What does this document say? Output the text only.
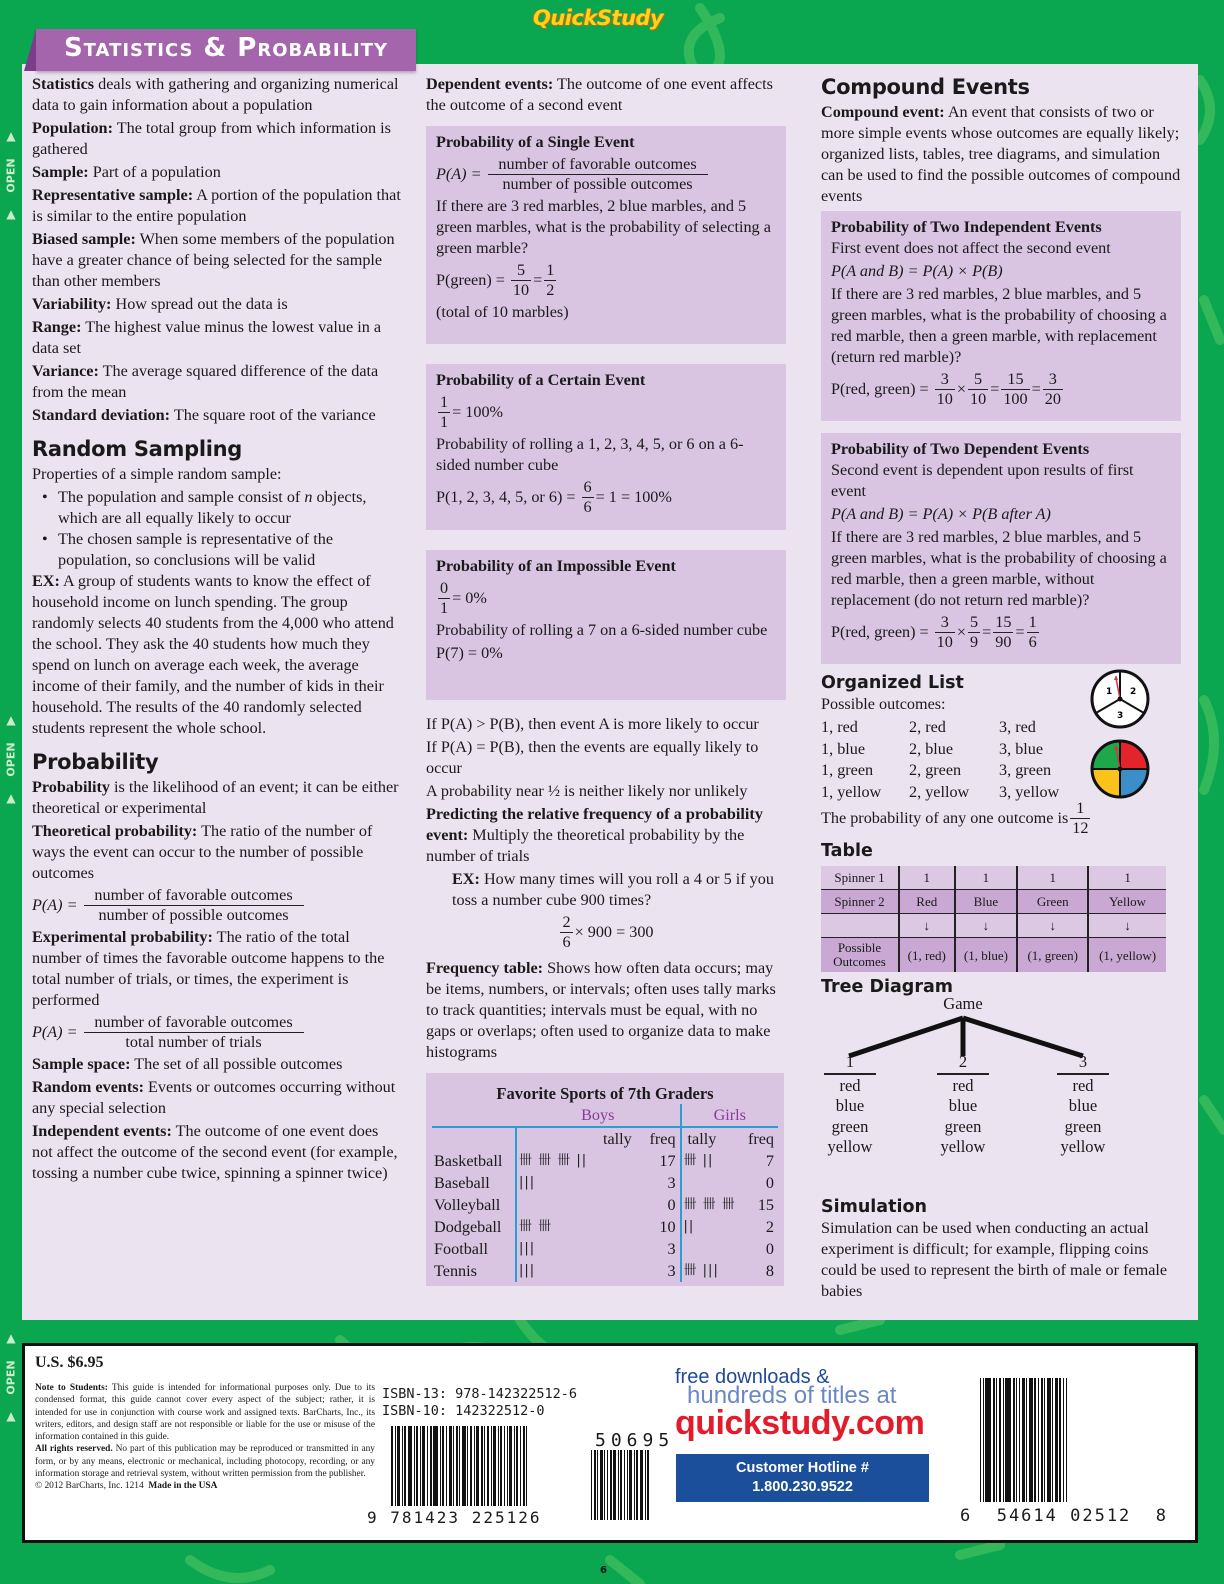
▲
OPEN
▲
▲
OPEN
▲
▲
OPEN
▲
QuickStudy
Statistics & Probability

Statistics deals with gathering and organizing numerical data to gain information about a population

Population: The total group from which information is gathered

Sample: Part of a population

Representative sample: A portion of the population that is similar to the entire population

Biased sample: When some members of the population have a greater chance of being selected for the sample than other members

Variability: How spread out the data is

Range: The highest value minus the lowest value in a data set

Variance: The average squared difference of the data from the mean

Standard deviation: The square root of the variance

Random Sampling

Properties of a simple random sample:

• The population and sample consist of n objects, which are all equally likely to occur
• The chosen sample is representative of the population, so conclusions will be valid

EX: A group of students wants to know the effect of household income on lunch spending. The group randomly selects 40 students from the 4,000 who attend the school. They ask the 40 students how much they spend on lunch on average each week, the average income of their family, and the number of kids in their household. The results of the 40 randomly selected students represent the whole school.

Probability

Probability is the likelihood of an event; it can be either theoretical or experimental

Theoretical probability: The ratio of the number of ways the event can occur to the number of possible outcomes

$P(A) = \frac{\text{number of favorable outcomes}}{\text{number of possible outcomes}}$

Experimental probability: The ratio of the total number of times the favorable outcome happens to the total number of trials, or times, the experiment is performed

$P(A) = \frac{\text{number of favorable outcomes}}{\text{total number of trials}}$

Sample space: The set of all possible outcomes

Random events: Events or outcomes occurring without any special selection

Independent events: The outcome of one event does not affect the outcome of the second event (for example, tossing a number cube twice, spinning a spinner twice)

Dependent events: The outcome of one event affects the outcome of a second event

Probability of a Single Event
$P(A) = \frac{\text{number of favorable outcomes}}{\text{number of possible outcomes}}$

If there are 3 red marbles, 2 blue marbles, and 5 green marbles, what is the probability of selecting a green marble?

P(green) = $\frac{5}{10} = \frac{1}{2}$

(total of 10 marbles)

Probability of a Certain Event
$\frac{1}{1} = 100\%$

Probability of rolling a 1, 2, 3, 4, 5, or 6 on a 6-sided number cube

P(1, 2, 3, 4, 5, or $6) = \frac{6}{6} = 1 = 100\%$
Probability of an Impossible Event
$\frac{0}{1} = 0\%$

Probability of rolling a 7 on a 6-sided number cube

P(7) = 0%

If P(A) > P(B), then event A is more likely to occur

If P(A) = P(B), then the events are equally likely to occur

A probability near ½ is neither likely nor unlikely

Predicting the relative frequency of a probability event: Multiply the theoretical probability by the number of trials

EX: How many times will you roll a 4 or 5 if you toss a number cube 900 times?

$\frac{2}{6} \times 900 = 300$

Frequency table: Shows how often data occurs; may be items, numbers, or intervals; often uses tally marks to track quantities; intervals must be equal, with no gaps or overlaps; often used to organize data to make histograms

Favorite Sports of 7th Graders
	Boys		Girls	
	tally	freq	tally	freq
Basketball	卌 卌 卌 ||	17	卌 ||	7
Baseball	|||	3		0
Volleyball		0	卌 卌 卌	15
Dodgeball	卌 卌	10	||	2
Football	|||	3		0
Tennis	|||	3	卌 |||	8
Compound Events

Compound event: An event that consists of two or more simple events whose outcomes are equally likely; organized lists, tables, tree diagrams, and simulation can be used to find the possible outcomes of compound events

Probability of Two Independent Events

First event does not affect the second event

P(A and B) = P(A) × P(B)

If there are 3 red marbles, 2 blue marbles, and 5 green marbles, what is the probability of choosing a red marble, then a green marble, with replacement (return red marble)?

P(red, green) = $\frac{3}{10} \times \frac{5}{10} = \frac{15}{100} = \frac{3}{20}$
Probability of Two Dependent Events

Second event is dependent upon results of first event

P(A and B) = P(A) × P(B after A)

If there are 3 red marbles, 2 blue marbles, and 5 green marbles, what is the probability of choosing a red marble, then a green marble, without replacement (do not return red marble)?

P(red, green) = $\frac{3}{10} \times \frac{5}{9} = \frac{15}{90} = \frac{1}{6}$
Organized List

Possible outcomes:

1, red	2, red	3, red
1, blue	2, blue	3, blue
1, green	2, green	3, green
1, yellow	2, yellow	3, yellow
The probability of any one outcome is $\frac{1}{12}$
1 2
3
Table
Spinner 1	1	1	1	1
Spinner 2	Red	Blue	Green	Yellow
	↓	↓	↓	↓
Possible Outcomes	(1, red)	(1, blue)	(1, green)	(1, yellow)
Tree Diagram
Game
1
red
blue
green
yellow
2
red
blue
green
yellow
3
red
blue
green
yellow
Simulation

Simulation can be used when conducting an actual experiment is difficult; for example, flipping coins could be used to represent the birth of male or female babies

U.S. $6.95
Note to Students: This guide is intended for informational purposes only. Due to its condensed format, this guide cannot cover every aspect of the subject; rather, it is intended for use in conjunction with course work and assigned texts. BarCharts, Inc., its writers, editors, and design staff are not responsible or liable for the use or misuse of the information contained in this guide.
All rights reserved. No part of this publication may be reproduced or transmitted in any form, or by any means, electronic or mechanical, including photocopy, recording, or any information storage and retrieval system, without written permission from the publisher.
© 2012 BarCharts, Inc. 1214 Made in the USA
ISBN-13: 978-142322512-6
ISBN-10: 142322512-0
9 781423 225126
50695
free downloads &
hundreds of titles at
quickstudy.com
Customer Hotline #
1.800.230.9522
6  54614 02512  8
6
